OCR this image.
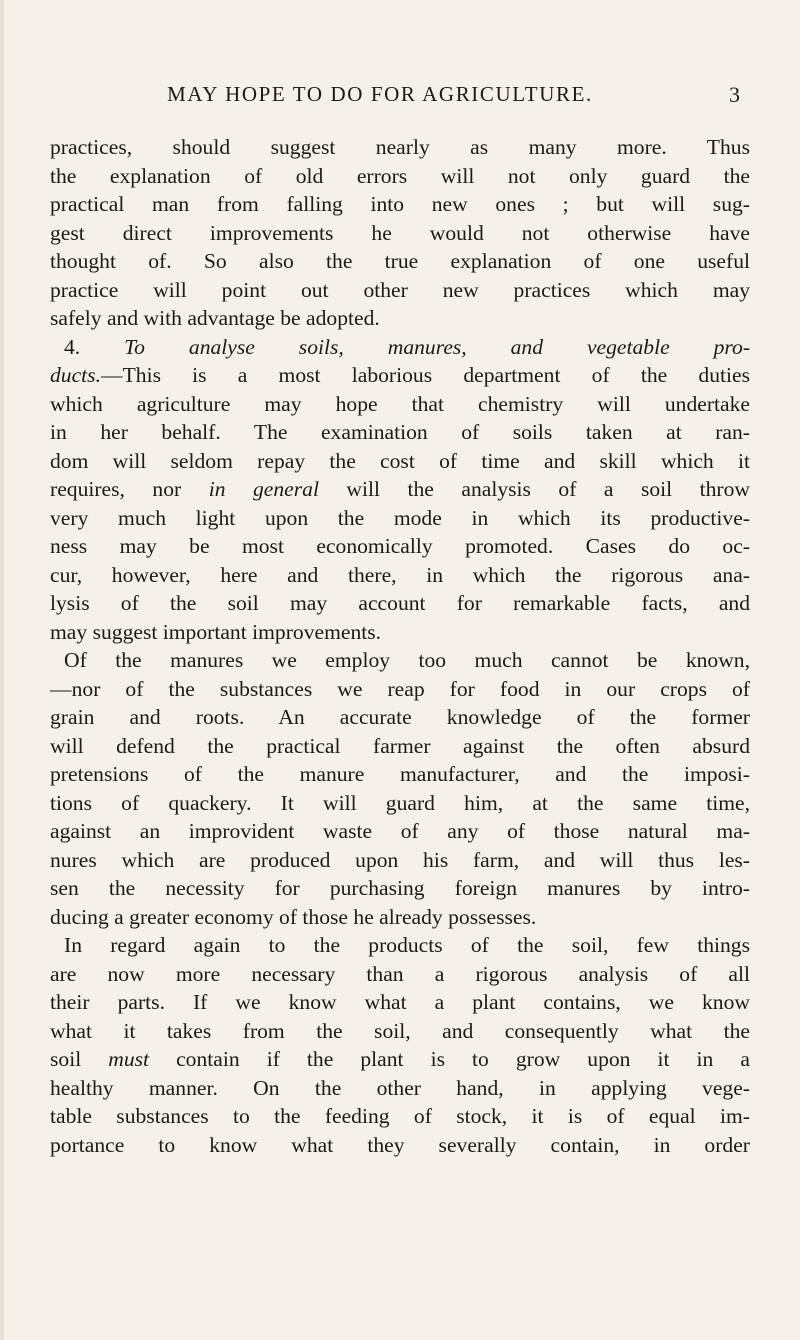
MAY HOPE TO DO FOR AGRICULTURE.	3
practices, should suggest nearly as many more. Thus
the explanation of old errors will not only guard the
practical man from falling into new ones ; but will sug-
gest direct improvements he would not otherwise have
thought of. So also the true explanation of one useful
practice will point out other new practices which may
safely and with advantage be adopted.
4. To analyse soils, manures, and vegetable pro-
ducts.—This is a most laborious department of the duties
which agriculture may hope that chemistry will undertake
in her behalf. The examination of soils taken at ran-
dom will seldom repay the cost of time and skill which it
requires, nor in general will the analysis of a soil throw
very much light upon the mode in which its productive-
ness may be most economically promoted. Cases do oc-
cur, however, here and there, in which the rigorous ana-
lysis of the soil may account for remarkable facts, and
may suggest important improvements.
Of the manures we employ too much cannot be known,
—nor of the substances we reap for food in our crops of
grain and roots. An accurate knowledge of the former
will defend the practical farmer against the often absurd
pretensions of the manure manufacturer, and the imposi-
tions of quackery. It will guard him, at the same time,
against an improvident waste of any of those natural ma-
nures which are produced upon his farm, and will thus les-
sen the necessity for purchasing foreign manures by intro-
ducing a greater economy of those he already possesses.
In regard again to the products of the soil, few things
are now more necessary than a rigorous analysis of all
their parts. If we know what a plant contains, we know
what it takes from the soil, and consequently what the
soil must contain if the plant is to grow upon it in a
healthy manner. On the other hand, in applying vege-
table substances to the feeding of stock, it is of equal im-
portance to know what they severally contain, in order
